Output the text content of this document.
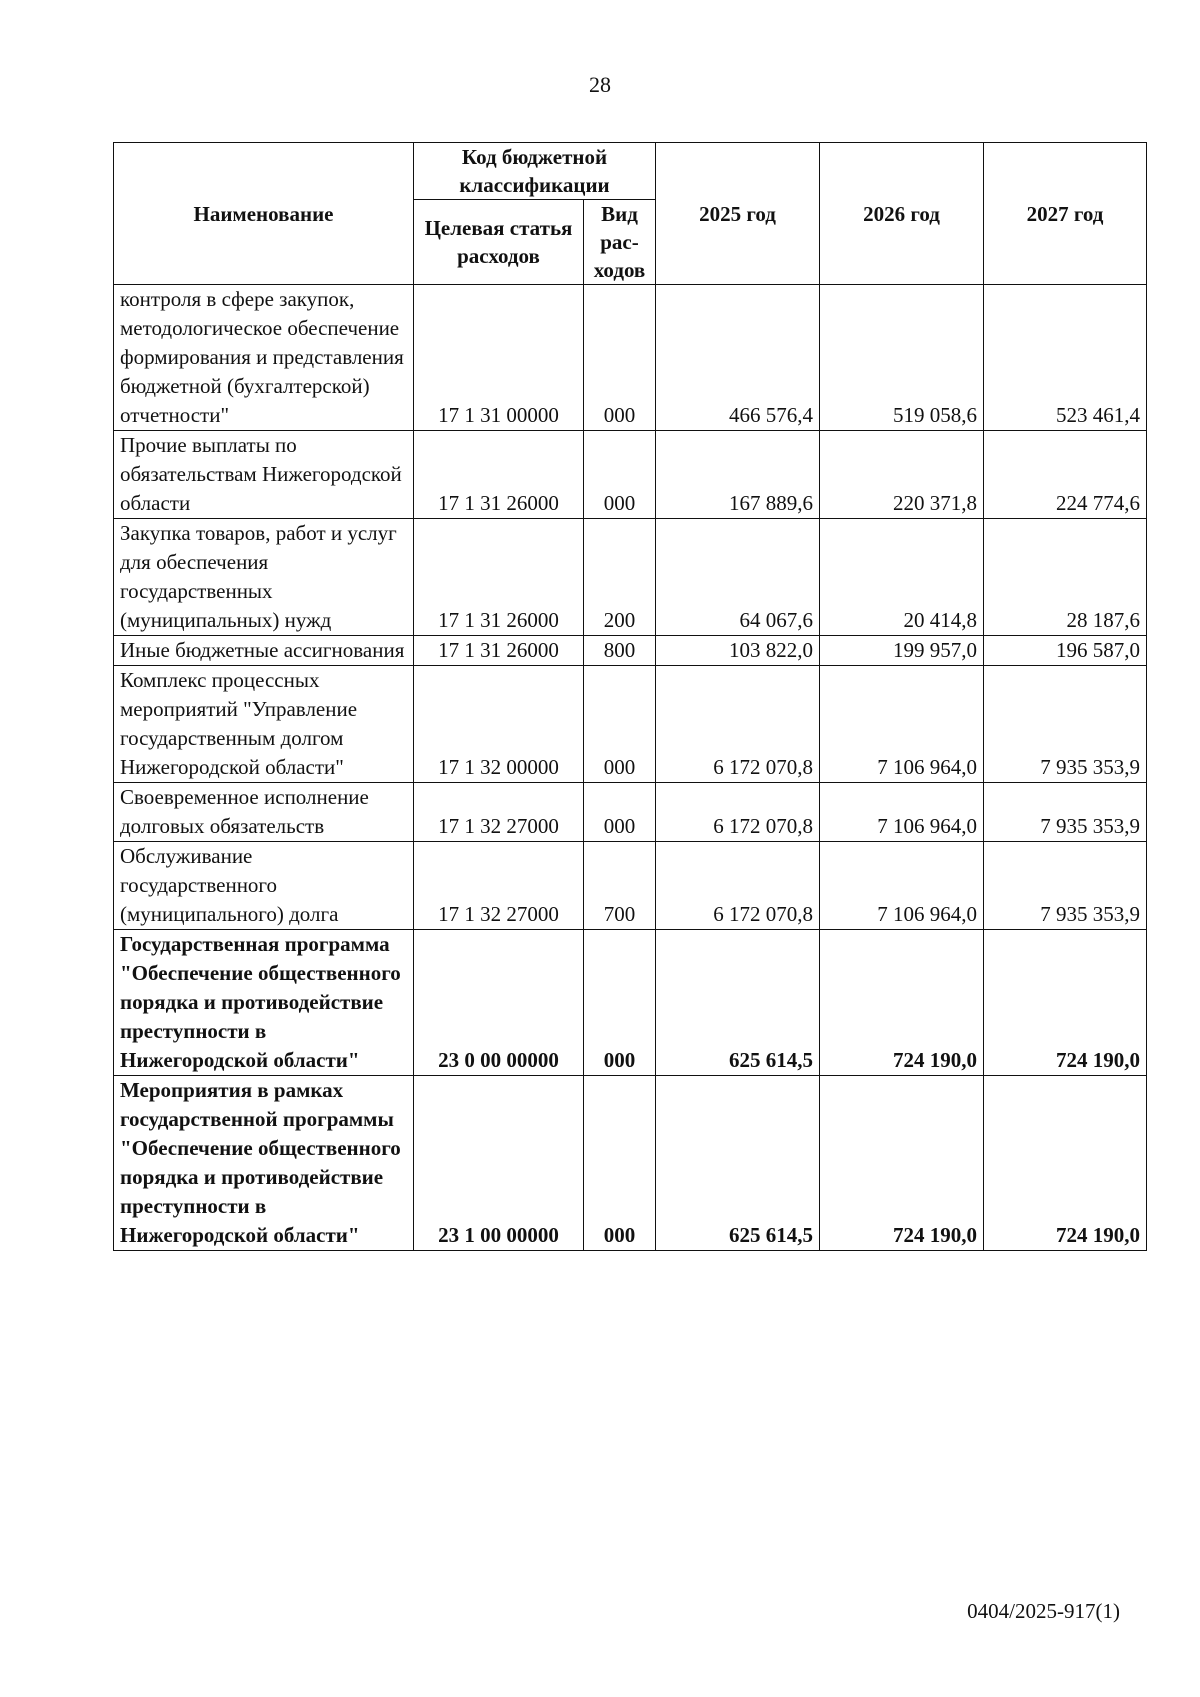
28
Наименование	Код бюджетной классификации		2025 год	2026 год	2027 год
	Целевая статья расходов	Вид рас-ходов			
контроля в сфере закупок, методологическое обеспечение формирования и представления бюджетной (бухгалтерской) отчетности"	17 1 31 00000	000	466 576,4	519 058,6	523 461,4
Прочие выплаты по обязательствам Нижегородской области	17 1 31 26000	000	167 889,6	220 371,8	224 774,6
Закупка товаров, работ и услуг для обеспечения государственных (муниципальных) нужд	17 1 31 26000	200	64 067,6	20 414,8	28 187,6
Иные бюджетные ассигнования	17 1 31 26000	800	103 822,0	199 957,0	196 587,0
Комплекс процессных мероприятий "Управление государственным долгом Нижегородской области"	17 1 32 00000	000	6 172 070,8	7 106 964,0	7 935 353,9
Своевременное исполнение долговых обязательств	17 1 32 27000	000	6 172 070,8	7 106 964,0	7 935 353,9
Обслуживание государственного (муниципального) долга	17 1 32 27000	700	6 172 070,8	7 106 964,0	7 935 353,9
Государственная программа "Обеспечение общественного порядка и противодействие преступности в Нижегородской области"	23 0 00 00000	000	625 614,5	724 190,0	724 190,0
Мероприятия в рамках государственной программы "Обеспечение общественного порядка и противодействие преступности в Нижегородской области"	23 1 00 00000	000	625 614,5	724 190,0	724 190,0
0404/2025-917(1)
